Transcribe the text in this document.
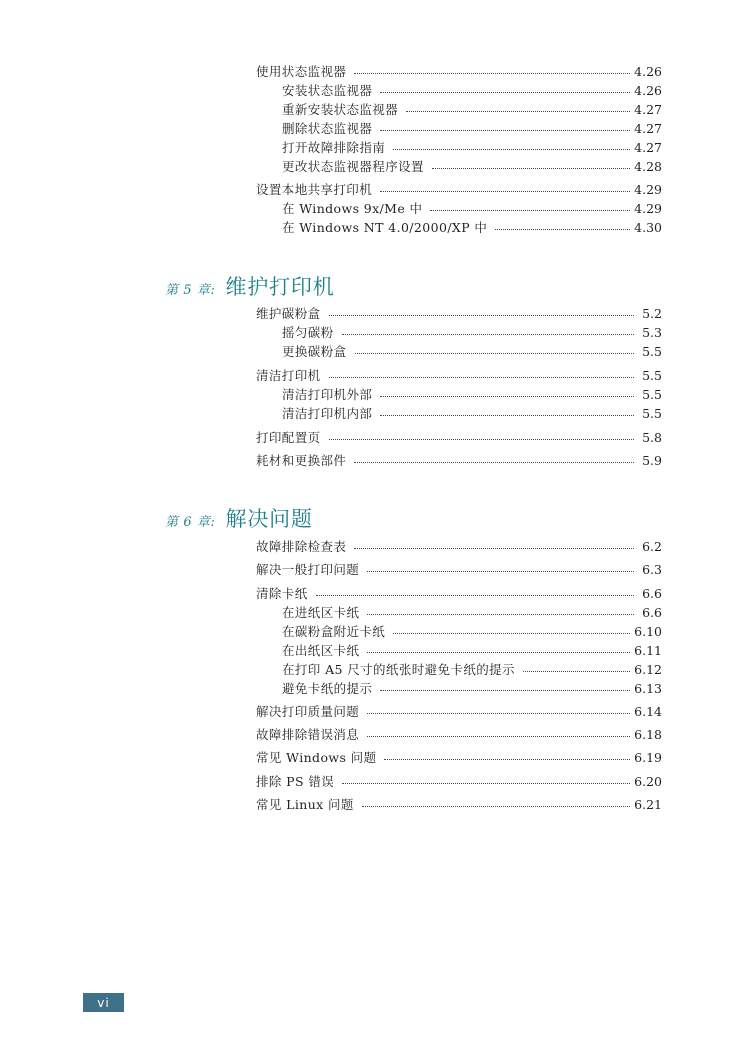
使用状态监视器	4.26
安装状态监视器	4.26
重新安装状态监视器	4.27
删除状态监视器	4.27
打开故障排除指南	4.27
更改状态监视器程序设置	4.28
设置本地共享打印机	4.29
在 Windows 9x/Me 中	4.29
在 Windows NT 4.0/2000/XP 中	4.30
第 5 章: 维护打印机
维护碳粉盒	5.2
摇匀碳粉	5.3
更换碳粉盒	5.5
清洁打印机	5.5
清洁打印机外部	5.5
清洁打印机内部	5.5
打印配置页	5.8
耗材和更换部件	5.9
第 6 章: 解决问题
故障排除检查表	6.2
解决一般打印问题	6.3
清除卡纸	6.6
在进纸区卡纸	6.6
在碳粉盒附近卡纸	6.10
在出纸区卡纸	6.11
在打印 A5 尺寸的纸张时避免卡纸的提示	6.12
避免卡纸的提示	6.13
解决打印质量问题	6.14
故障排除错误消息	6.18
常见 Windows 问题	6.19
排除 PS 错误	6.20
常见 Linux 问题	6.21
vi
